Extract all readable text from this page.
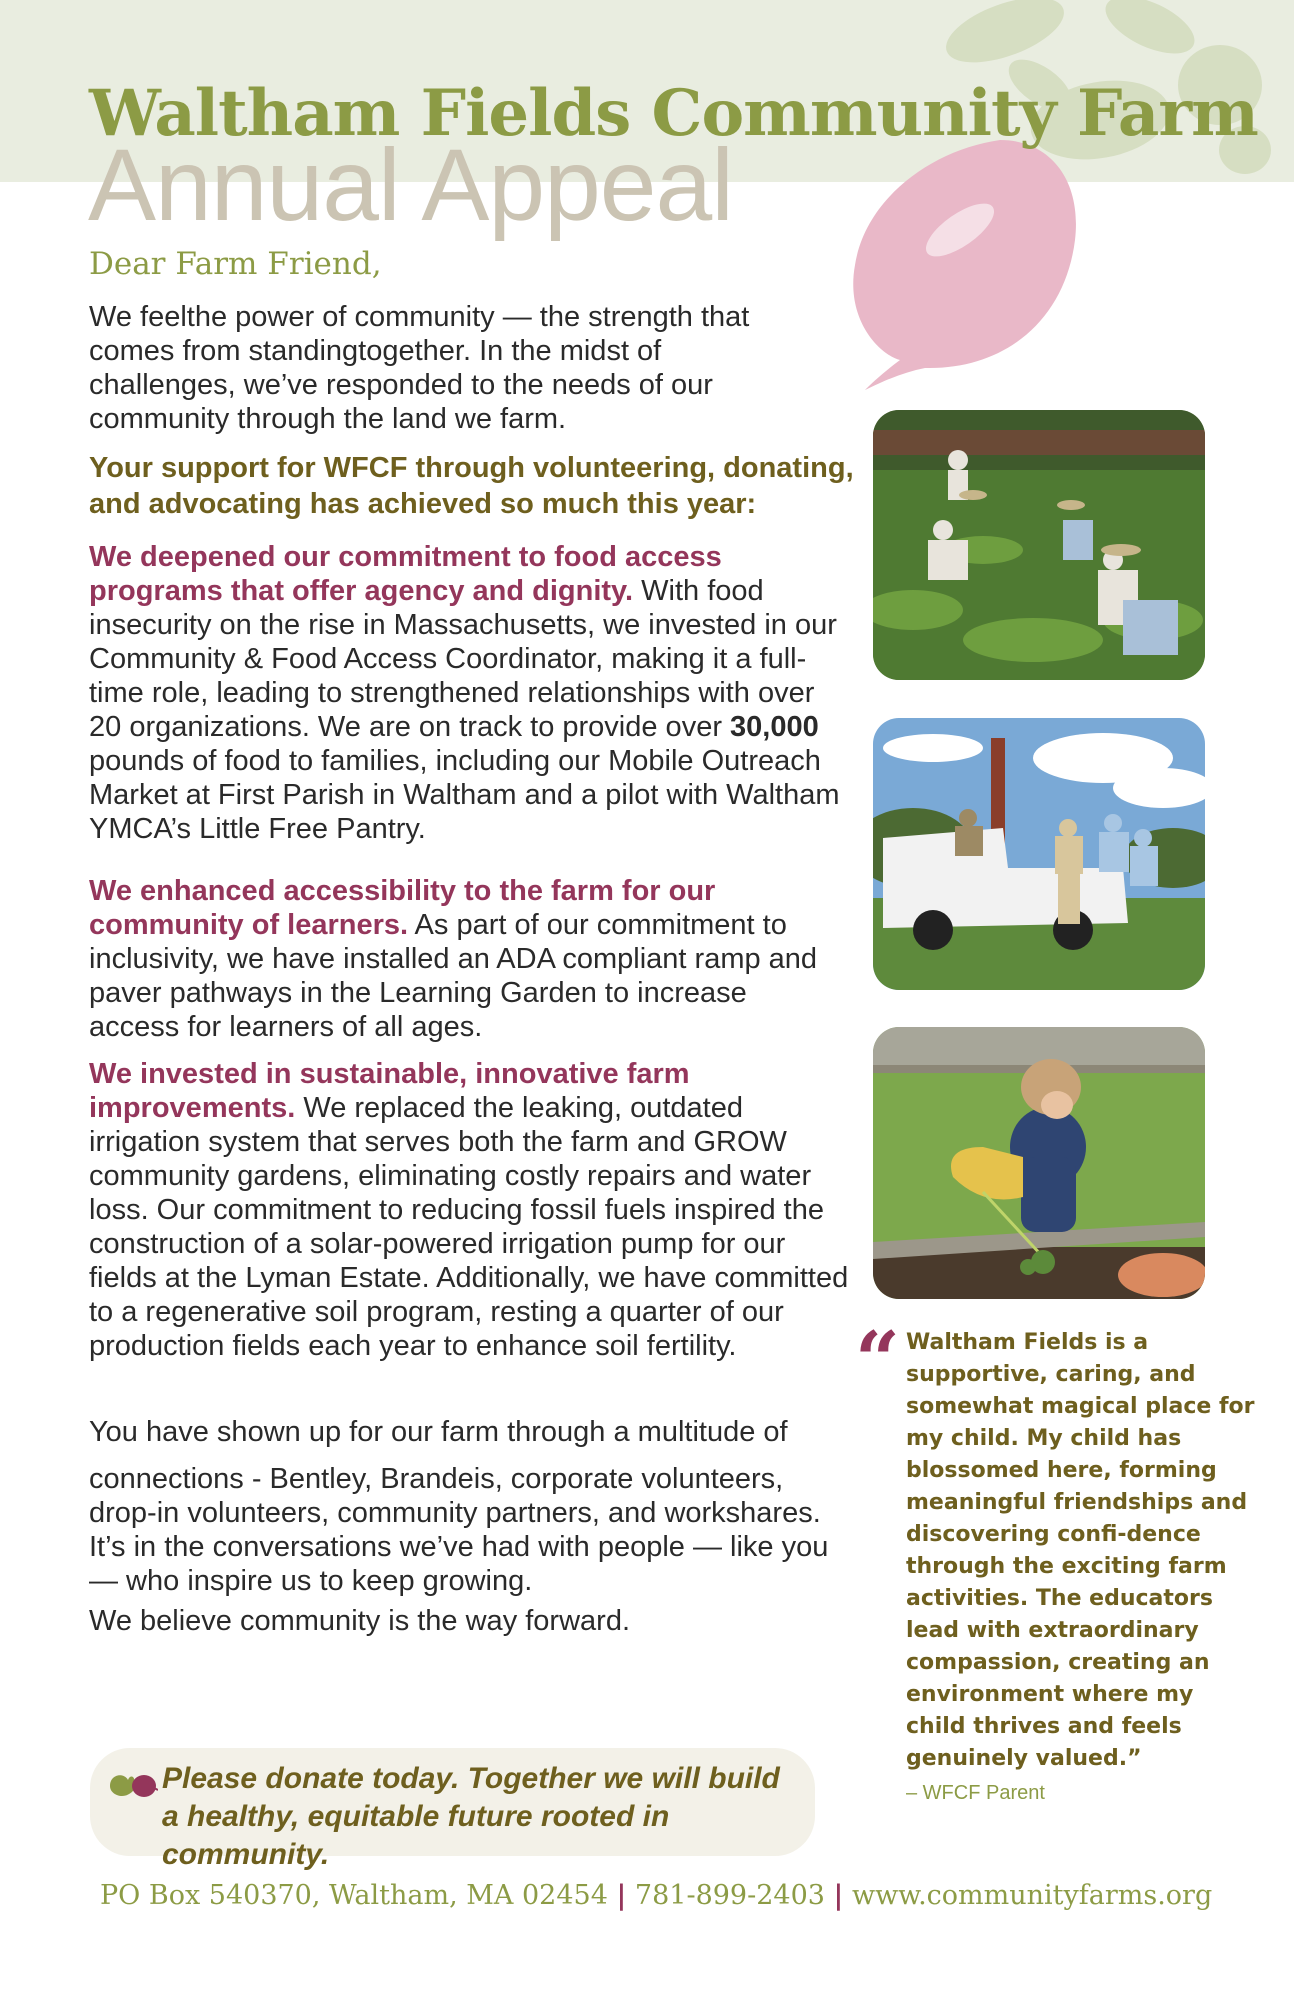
Waltham Fields Community Farm
Annual Appeal

Dear Farm Friend,

We feelthe power of community — the strength that comes from standingtogether. In the midst of challenges, we’ve responded to the needs of our community through the land we farm.

Your support for WFCF through volunteering, donating, and advocating has achieved so much this year:

We deepened our commitment to food access
programs that offer agency and dignity. With food insecurity on the rise in Massachusetts, we invested in our Community & Food Access Coordinator, making it a full-time role, leading to strengthened relationships with over 20 organizations. We are on track to provide over 30,000 pounds of food to families, including our Mobile Outreach Market at First Parish in Waltham and a pilot with Waltham YMCA’s Little Free Pantry.

We enhanced accessibility to the farm for our community of learners. As part of our commitment to inclusivity, we have installed an ADA compliant ramp and paver pathways in the Learning Garden to increase access for learners of all ages.

We invested in sustainable, innovative farm improvements. We replaced the leaking, outdated irrigation system that serves both the farm and GROW community gardens, eliminating costly repairs and water loss. Our commitment to reducing fossil fuels inspired the construction of a solar-powered irrigation pump for our fields at the Lyman Estate. Additionally, we have committed to a regenerative soil program, resting a quarter of our production fields each year to enhance soil fertility.

You have shown up for our farm through a multitude of

connections - Bentley, Brandeis, corporate volunteers, drop-in volunteers, community partners, and workshares. It’s in the conversations we’ve had with people — like you — who inspire us to keep growing.

We believe community is the way forward.

“ Waltham Fields is a supportive, caring, and somewhat magical place for my child. My child has blossomed here, forming meaningful friendships and discovering confi-dence through the exciting farm activities. The educators lead with extraordinary compassion, creating an environment where my child thrives and feels genuinely valued.”

– WFCF Parent

Please donate today. Together we will build a healthy, equitable future rooted in community.

PO Box 540370, Waltham, MA 02454 | 781-899-2403 | www.communityfarms.org
